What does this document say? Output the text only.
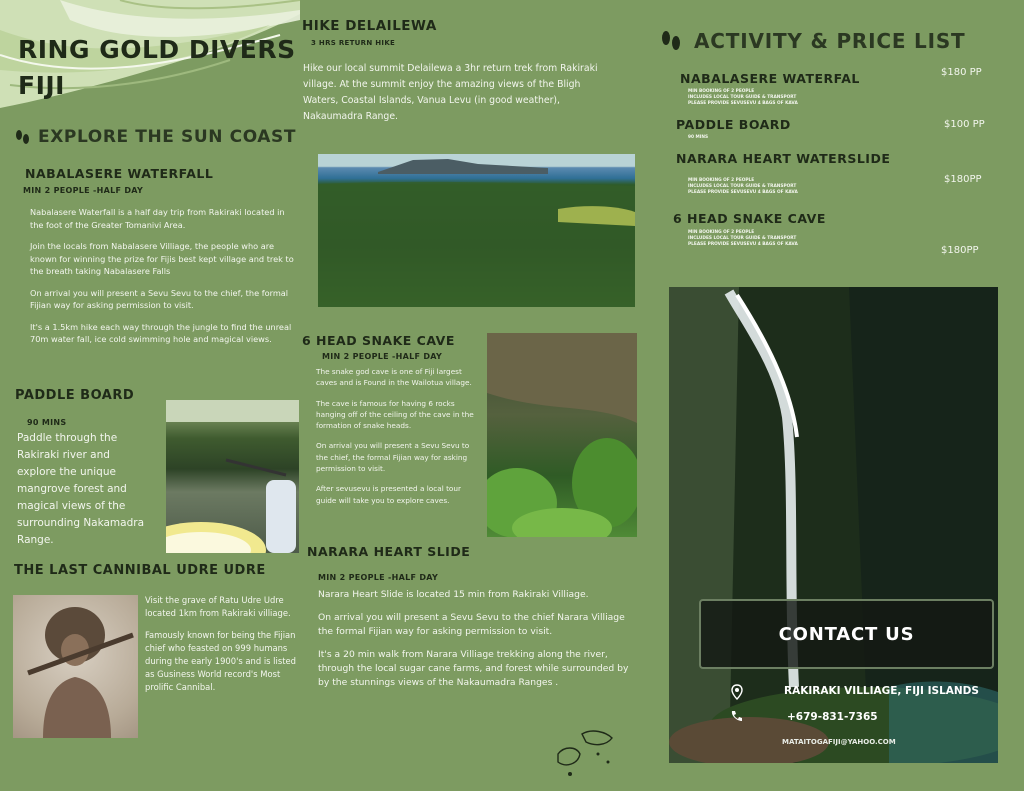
RING GOLD DIVERS
FIJI
EXPLORE THE SUN COAST
NABALASERE WATERFALL
MIN 2 PEOPLE -HALF DAY

Nabalasere Waterfall is a half day trip from Rakiraki located in the foot of the Greater Tomanivi Area.

Join the locals from Nabalasere Villiage, the people who are known for winning the prize for Fijis best kept village and trek to the breath taking Nabalasere Falls

On arrival you will present a Sevu Sevu to the chief, the formal Fijian way for asking permission to visit.

It's a 1.5km hike each way through the jungle to find the unreal 70m water fall, ice cold swimming hole and magical views.

PADDLE BOARD
90 MINS
Paddle through the Rakiraki river and explore the unique mangrove forest and magical views of the surrounding Nakamadra Range.
THE LAST CANNIBAL UDRE UDRE

Visit the grave of Ratu Udre Udre located 1km from Rakiraki villiage.

Famously known for being the Fijian chief who feasted on 999 humans during the early 1900's and is listed as Gusiness World record's Most prolific Cannibal.

HIKE DELAILEWA
3 HRS RETURN HIKE
Hike our local summit Delailewa a 3hr return trek from Rakiraki village. At the summit enjoy the amazing views of the Bligh Waters, Coastal Islands, Vanua Levu (in good weather), Nakaumadra Range.
6 HEAD SNAKE CAVE
MIN 2 PEOPLE -HALF DAY

The snake god cave is one of Fiji largest caves and is Found in the Wailotua village.

The cave is famous for having 6 rocks hanging off of the ceiling of the cave in the formation of snake heads.

On arrival you will present a Sevu Sevu to the chief, the formal Fijian way for asking permission to visit.

After sevusevu is presented a local tour guide will take you to explore caves.

NARARA HEART SLIDE
MIN 2 PEOPLE -HALF DAY

Narara Heart Slide is located 15 min from Rakiraki Villiage.

On arrival you will present a Sevu Sevu to the chief Narara Villiage the formal Fijian way for asking permission to visit.

It's a 20 min walk from Narara Villiage trekking along the river, through the local sugar cane farms, and forest while surrounded by by the stunnings views of the Nakaumadra Ranges .

ACTIVITY & PRICE LIST
NABALASERE WATERFAL	$180 PP
MIN BOOKING OF 2 PEOPLE
INCLUDES LOCAL TOUR GUIDE & TRANSPORT
PLEASE PROVIDE SEVUSEVU 4 BAGS OF KAVA
PADDLE BOARD	$100 PP
90 MINS
NARARA HEART WATERSLIDE
$180PP
MIN BOOKING OF 2 PEOPLE
INCLUDES LOCAL TOUR GUIDE & TRANSPORT
PLEASE PROVIDE SEVUSEVU 4 BAGS OF KAVA
6 HEAD SNAKE CAVE
$180PP
MIN BOOKING OF 2 PEOPLE
INCLUDES LOCAL TOUR GUIDE & TRANSPORT
PLEASE PROVIDE SEVUSEVU 4 BAGS OF KAVA
CONTACT US
RAKIRAKI VILLIAGE, FIJI ISLANDS
+679-831-7365
MATAITOGAFIJI@YAHOO.COM
